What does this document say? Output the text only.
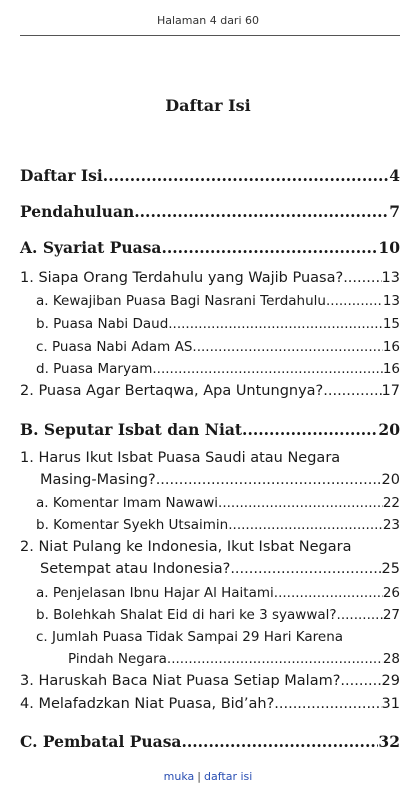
Halaman 4 dari 60
Daftar Isi
Daftar Isi .....	4
Pendahuluan .....	7
A. Syariat Puasa .....	10
1. Siapa Orang Terdahulu yang Wajib Puasa? .....	13
a. Kewajiban Puasa Bagi Nasrani Terdahulu .....	13
b. Puasa Nabi Daud .....	15
c. Puasa Nabi Adam AS .....	16
d. Puasa Maryam .....	16
2. Puasa Agar Bertaqwa, Apa Untungnya? .....	17
B. Seputar Isbat dan Niat .....	20
1. Harus Ikut Isbat Puasa Saudi atau Negara
Masing-Masing? .....	20
a. Komentar Imam Nawawi .....	22
b. Komentar Syekh Utsaimin .....	23
2. Niat Pulang ke Indonesia, Ikut Isbat Negara
Setempat atau Indonesia? .....	25
a. Penjelasan Ibnu Hajar Al Haitami .....	26
b. Bolehkah Shalat Eid di hari ke 3 syawwal? .....	27
c. Jumlah Puasa Tidak Sampai 29 Hari Karena
Pindah Negara .....	28
3. Haruskah Baca Niat Puasa Setiap Malam? .....	29
4. Melafadzkan Niat Puasa, Bid’ah? .....	31
C. Pembatal Puasa .....	32
muka | daftar isi
